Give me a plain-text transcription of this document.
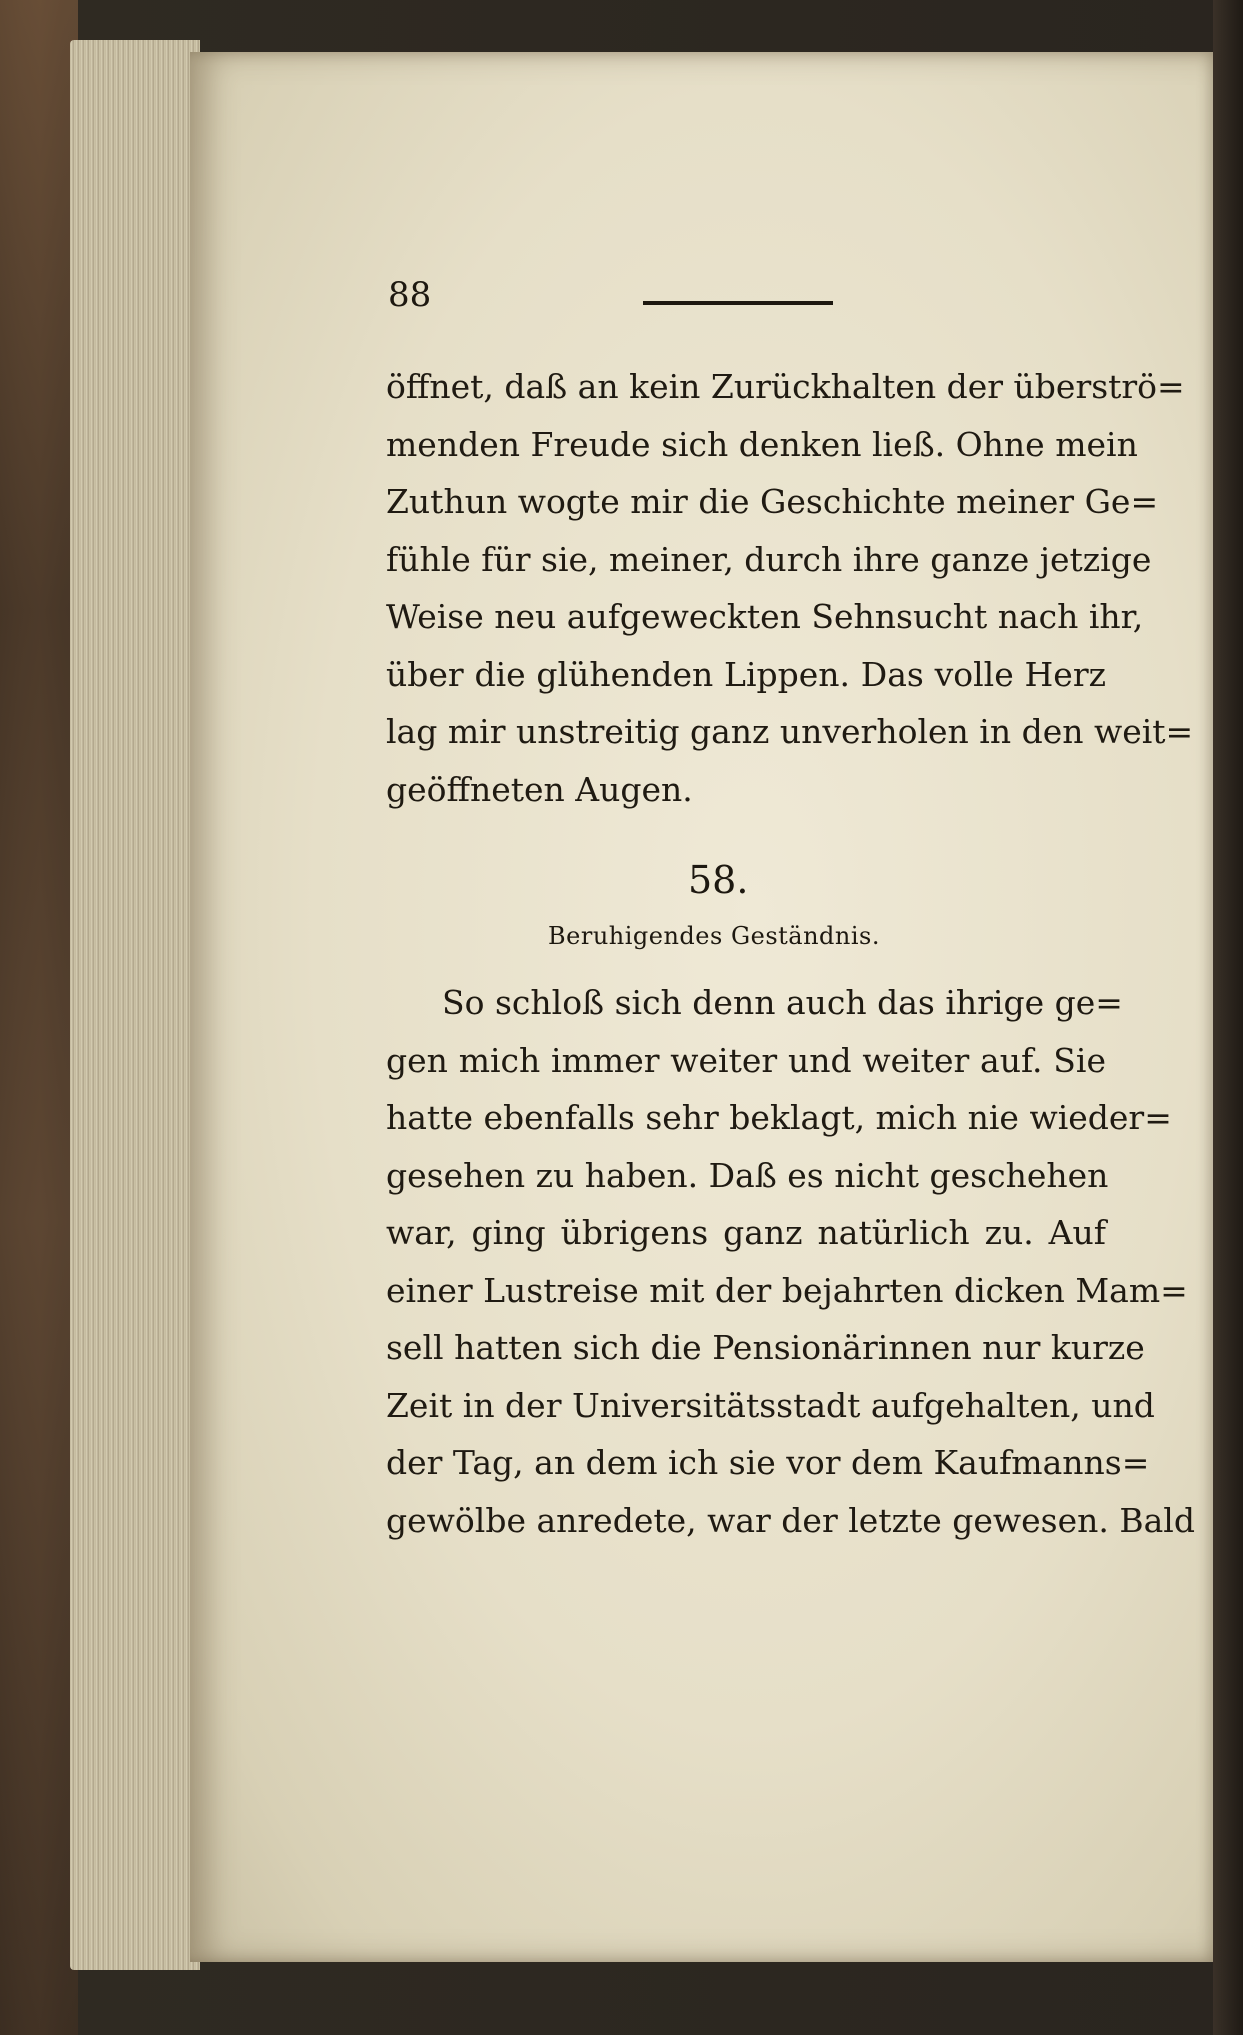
88
öffnet, daß an kein Zurückhalten der überströ=
menden Freude sich denken ließ. Ohne mein
Zuthun wogte mir die Geschichte meiner Ge=
fühle für sie, meiner, durch ihre ganze jetzige
Weise neu aufgeweckten Sehnsucht nach ihr,
über die glühenden Lippen. Das volle Herz
lag mir unstreitig ganz unverholen in den weit=
geöffneten Augen.
58.
Beruhigendes Geständnis.
So schloß sich denn auch das ihrige ge=
gen mich immer weiter und weiter auf. Sie
hatte ebenfalls sehr beklagt, mich nie wieder=
gesehen zu haben. Daß es nicht geschehen
war, ging übrigens ganz natürlich zu. Auf
einer Lustreise mit der bejahrten dicken Mam=
sell hatten sich die Pensionärinnen nur kurze
Zeit in der Universitätsstadt aufgehalten, und
der Tag, an dem ich sie vor dem Kaufmanns=
gewölbe anredete, war der letzte gewesen. Bald
